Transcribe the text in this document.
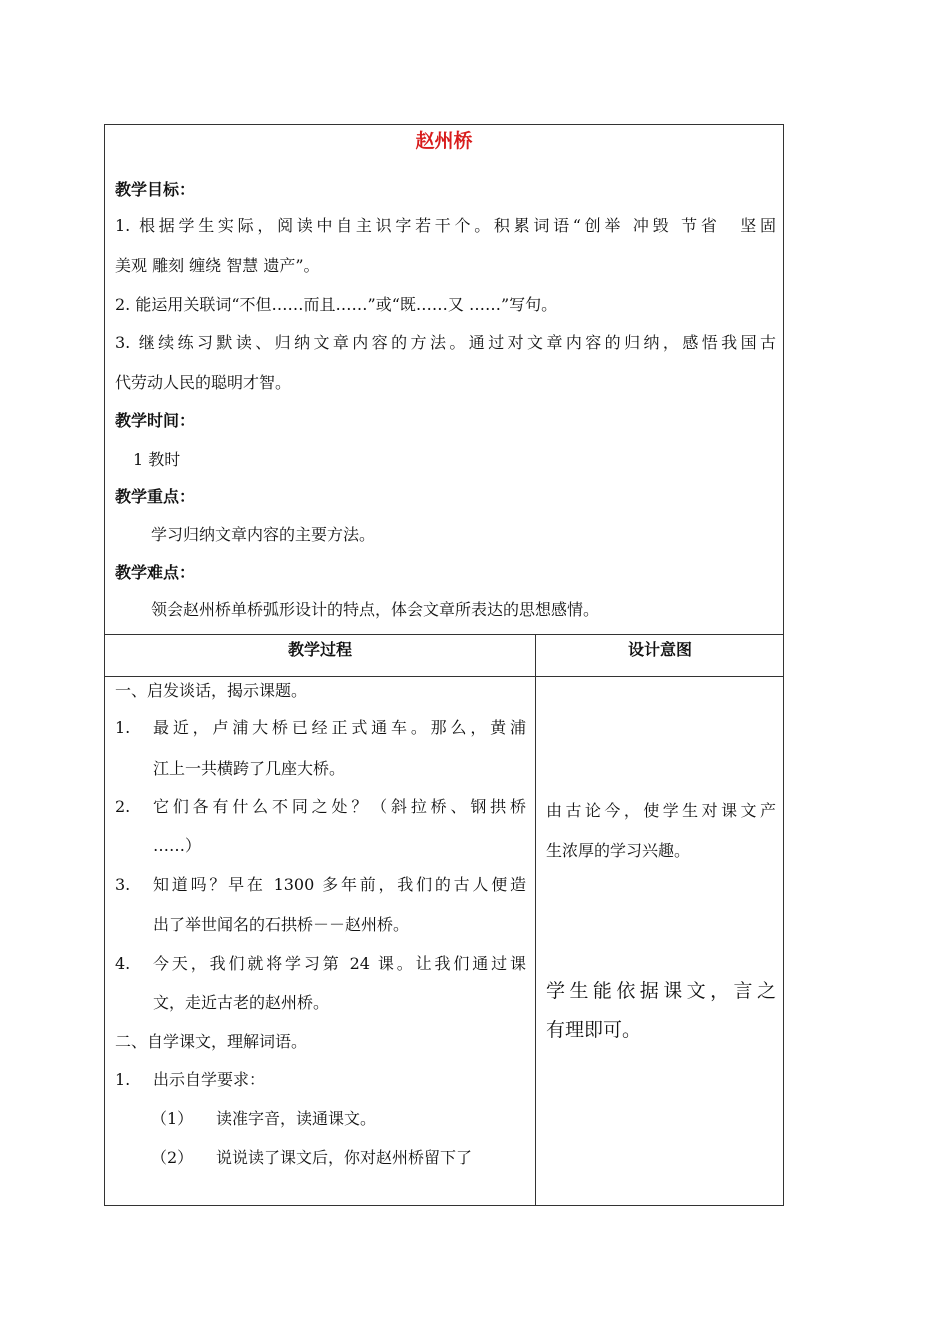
赵州桥
教学目标：
1. 根据学生实际，阅读中自主识字若干个。积累词语“创举 冲毁 节省　坚固
美观 雕刻 缠绕 智慧 遗产”。
2. 能运用关联词“不但……而且……”或“既……又 ……”写句。
3. 继续练习默读、归纳文章内容的方法。通过对文章内容的归纳，感悟我国古
代劳动人民的聪明才智。
教学时间：
1 教时
教学重点：
学习归纳文章内容的主要方法。
教学难点：
领会赵州桥单桥弧形设计的特点，体会文章所表达的思想感情。
教学过程	设计意图
一、启发谈话，揭示课题。
1. 最近，卢浦大桥已经正式通车。那么，黄浦
江上一共横跨了几座大桥。
2. 它们各有什么不同之处？（斜拉桥、钢拱桥
……）
3. 知道吗？早在 1300 多年前，我们的古人便造
出了举世闻名的石拱桥－－赵州桥。
4. 今天，我们就将学习第 24 课。让我们通过课
文，走近古老的赵州桥。
二、自学课文，理解词语。
1. 出示自学要求：
（1） 读准字音，读通课文。
（2） 说说读了课文后，你对赵州桥留下了
由古论今，使学生对课文产
生浓厚的学习兴趣。
学生能依据课文，言之
有理即可。
